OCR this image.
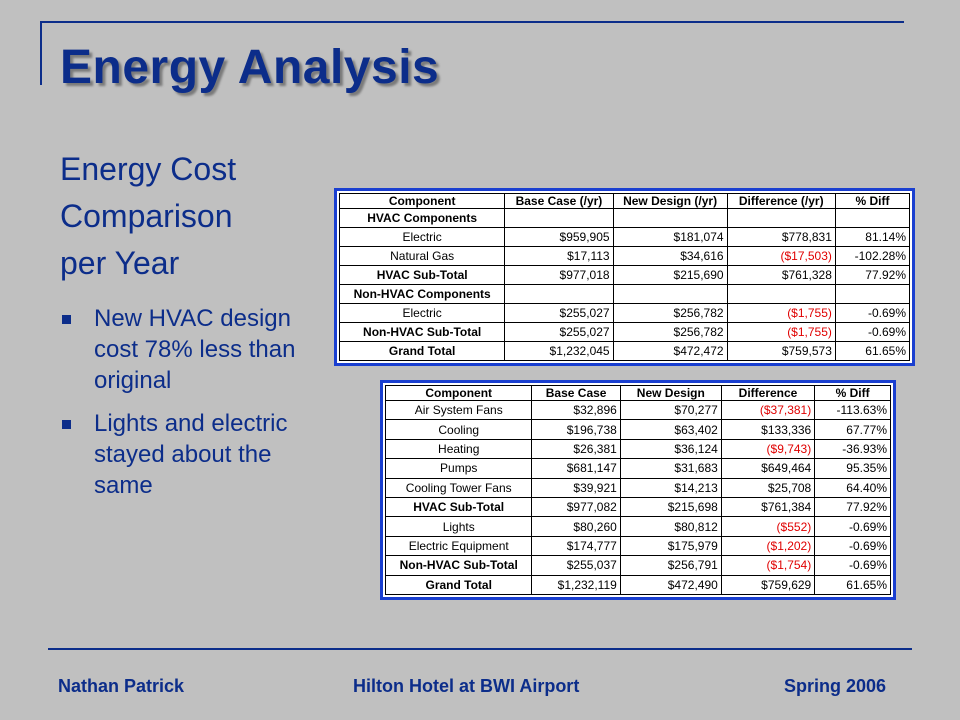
Energy Analysis
Energy Cost
Comparison
per Year
New HVAC design cost 78% less than original
Lights and electric stayed about the same
Component	Base Case (/yr)	New Design (/yr)	Difference (/yr)	% Diff
HVAC Components				
Electric	$959,905	$181,074	$778,831	81.14%
Natural Gas	$17,113	$34,616	($17,503)	-102.28%
HVAC Sub-Total	$977,018	$215,690	$761,328	77.92%
Non-HVAC Components				
Electric	$255,027	$256,782	($1,755)	-0.69%
Non-HVAC Sub-Total	$255,027	$256,782	($1,755)	-0.69%
Grand Total	$1,232,045	$472,472	$759,573	61.65%
Component	Base Case	New Design	Difference	% Diff
Air System Fans	$32,896	$70,277	($37,381)	-113.63%
Cooling	$196,738	$63,402	$133,336	67.77%
Heating	$26,381	$36,124	($9,743)	-36.93%
Pumps	$681,147	$31,683	$649,464	95.35%
Cooling Tower Fans	$39,921	$14,213	$25,708	64.40%
HVAC Sub-Total	$977,082	$215,698	$761,384	77.92%
Lights	$80,260	$80,812	($552)	-0.69%
Electric Equipment	$174,777	$175,979	($1,202)	-0.69%
Non-HVAC Sub-Total	$255,037	$256,791	($1,754)	-0.69%
Grand Total	$1,232,119	$472,490	$759,629	61.65%
Nathan Patrick	Hilton Hotel at BWI Airport	Spring 2006
